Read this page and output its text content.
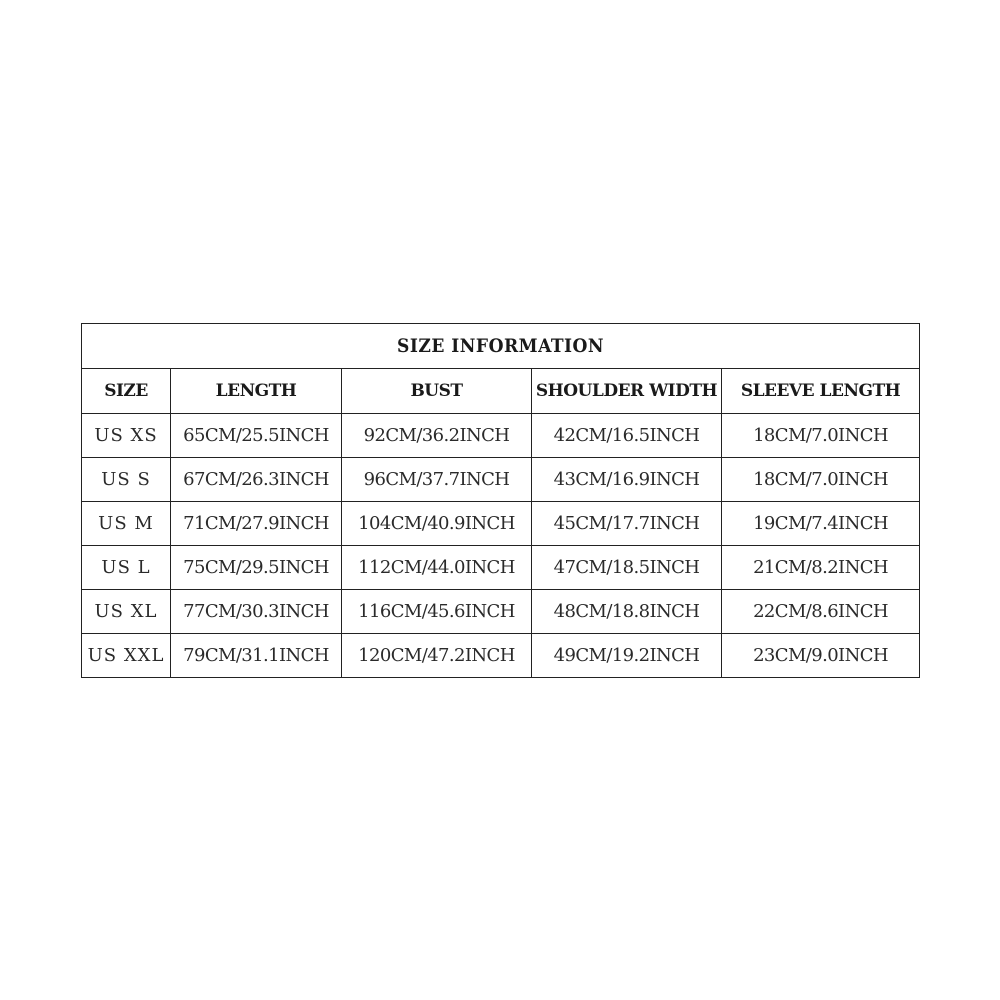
SIZE INFORMATION				
SIZE	LENGTH	BUST	SHOULDER WIDTH	SLEEVE LENGTH
US XS	65CM/25.5INCH	92CM/36.2INCH	42CM/16.5INCH	18CM/7.0INCH
US S	67CM/26.3INCH	96CM/37.7INCH	43CM/16.9INCH	18CM/7.0INCH
US M	71CM/27.9INCH	104CM/40.9INCH	45CM/17.7INCH	19CM/7.4INCH
US L	75CM/29.5INCH	112CM/44.0INCH	47CM/18.5INCH	21CM/8.2INCH
US XL	77CM/30.3INCH	116CM/45.6INCH	48CM/18.8INCH	22CM/8.6INCH
US XXL	79CM/31.1INCH	120CM/47.2INCH	49CM/19.2INCH	23CM/9.0INCH
